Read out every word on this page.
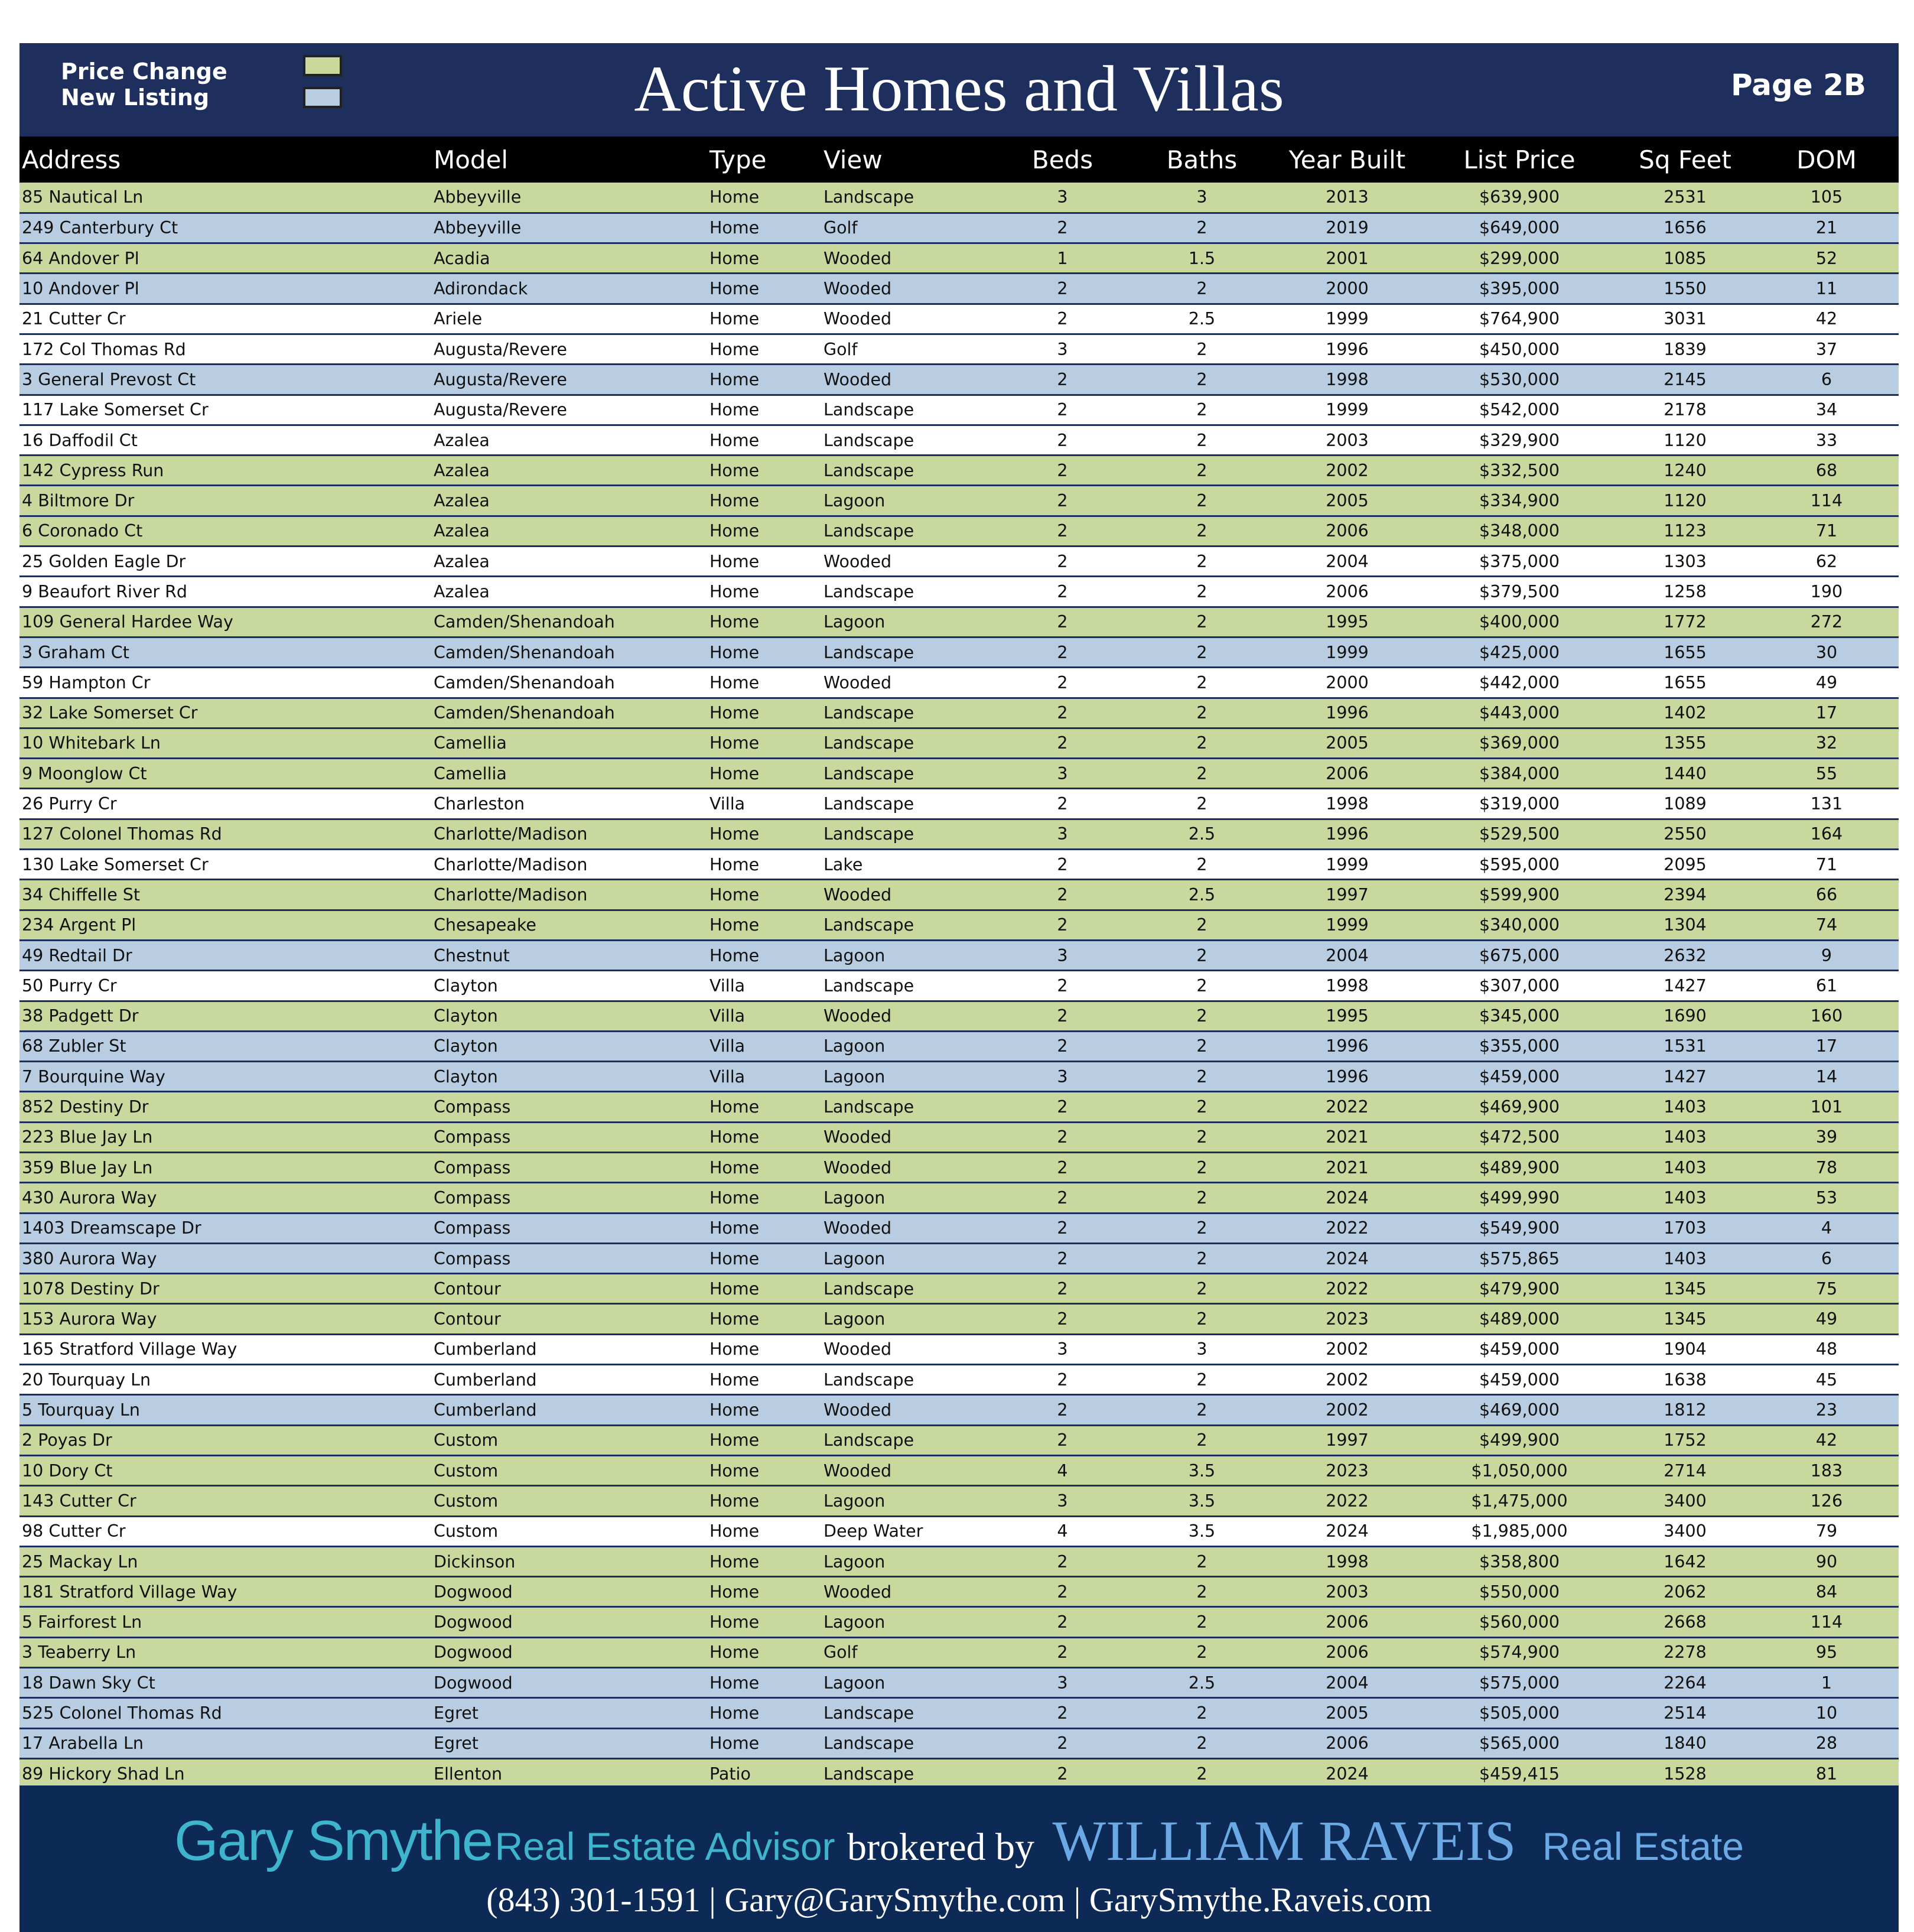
Price Change
New Listing	Active Homes and Villas	Page 2B
Address	Model	Type	View	Beds	Baths	Year Built	List Price	Sq Feet	DOM
85 Nautical Ln	Abbeyville	Home	Landscape	3	3	2013	$639,900	2531	105
249 Canterbury Ct	Abbeyville	Home	Golf	2	2	2019	$649,000	1656	21
64 Andover Pl	Acadia	Home	Wooded	1	1.5	2001	$299,000	1085	52
10 Andover Pl	Adirondack	Home	Wooded	2	2	2000	$395,000	1550	11
21 Cutter Cr	Ariele	Home	Wooded	2	2.5	1999	$764,900	3031	42
172 Col Thomas Rd	Augusta/Revere	Home	Golf	3	2	1996	$450,000	1839	37
3 General Prevost Ct	Augusta/Revere	Home	Wooded	2	2	1998	$530,000	2145	6
117 Lake Somerset Cr	Augusta/Revere	Home	Landscape	2	2	1999	$542,000	2178	34
16 Daffodil Ct	Azalea	Home	Landscape	2	2	2003	$329,900	1120	33
142 Cypress Run	Azalea	Home	Landscape	2	2	2002	$332,500	1240	68
4 Biltmore Dr	Azalea	Home	Lagoon	2	2	2005	$334,900	1120	114
6 Coronado Ct	Azalea	Home	Landscape	2	2	2006	$348,000	1123	71
25 Golden Eagle Dr	Azalea	Home	Wooded	2	2	2004	$375,000	1303	62
9 Beaufort River Rd	Azalea	Home	Landscape	2	2	2006	$379,500	1258	190
109 General Hardee Way	Camden/Shenandoah	Home	Lagoon	2	2	1995	$400,000	1772	272
3 Graham Ct	Camden/Shenandoah	Home	Landscape	2	2	1999	$425,000	1655	30
59 Hampton Cr	Camden/Shenandoah	Home	Wooded	2	2	2000	$442,000	1655	49
32 Lake Somerset Cr	Camden/Shenandoah	Home	Landscape	2	2	1996	$443,000	1402	17
10 Whitebark Ln	Camellia	Home	Landscape	2	2	2005	$369,000	1355	32
9 Moonglow Ct	Camellia	Home	Landscape	3	2	2006	$384,000	1440	55
26 Purry Cr	Charleston	Villa	Landscape	2	2	1998	$319,000	1089	131
127 Colonel Thomas Rd	Charlotte/Madison	Home	Landscape	3	2.5	1996	$529,500	2550	164
130 Lake Somerset Cr	Charlotte/Madison	Home	Lake	2	2	1999	$595,000	2095	71
34 Chiffelle St	Charlotte/Madison	Home	Wooded	2	2.5	1997	$599,900	2394	66
234 Argent Pl	Chesapeake	Home	Landscape	2	2	1999	$340,000	1304	74
49 Redtail Dr	Chestnut	Home	Lagoon	3	2	2004	$675,000	2632	9
50 Purry Cr	Clayton	Villa	Landscape	2	2	1998	$307,000	1427	61
38 Padgett Dr	Clayton	Villa	Wooded	2	2	1995	$345,000	1690	160
68 Zubler St	Clayton	Villa	Lagoon	2	2	1996	$355,000	1531	17
7 Bourquine Way	Clayton	Villa	Lagoon	3	2	1996	$459,000	1427	14
852 Destiny Dr	Compass	Home	Landscape	2	2	2022	$469,900	1403	101
223 Blue Jay Ln	Compass	Home	Wooded	2	2	2021	$472,500	1403	39
359 Blue Jay Ln	Compass	Home	Wooded	2	2	2021	$489,900	1403	78
430 Aurora Way	Compass	Home	Lagoon	2	2	2024	$499,990	1403	53
1403 Dreamscape Dr	Compass	Home	Wooded	2	2	2022	$549,900	1703	4
380 Aurora Way	Compass	Home	Lagoon	2	2	2024	$575,865	1403	6
1078 Destiny Dr	Contour	Home	Landscape	2	2	2022	$479,900	1345	75
153 Aurora Way	Contour	Home	Lagoon	2	2	2023	$489,000	1345	49
165 Stratford Village Way	Cumberland	Home	Wooded	3	3	2002	$459,000	1904	48
20 Tourquay Ln	Cumberland	Home	Landscape	2	2	2002	$459,000	1638	45
5 Tourquay Ln	Cumberland	Home	Wooded	2	2	2002	$469,000	1812	23
2 Poyas Dr	Custom	Home	Landscape	2	2	1997	$499,900	1752	42
10 Dory Ct	Custom	Home	Wooded	4	3.5	2023	$1,050,000	2714	183
143 Cutter Cr	Custom	Home	Lagoon	3	3.5	2022	$1,475,000	3400	126
98 Cutter Cr	Custom	Home	Deep Water	4	3.5	2024	$1,985,000	3400	79
25 Mackay Ln	Dickinson	Home	Lagoon	2	2	1998	$358,800	1642	90
181 Stratford Village Way	Dogwood	Home	Wooded	2	2	2003	$550,000	2062	84
5 Fairforest Ln	Dogwood	Home	Lagoon	2	2	2006	$560,000	2668	114
3 Teaberry Ln	Dogwood	Home	Golf	2	2	2006	$574,900	2278	95
18 Dawn Sky Ct	Dogwood	Home	Lagoon	3	2.5	2004	$575,000	2264	1
525 Colonel Thomas Rd	Egret	Home	Landscape	2	2	2005	$505,000	2514	10
17 Arabella Ln	Egret	Home	Landscape	2	2	2006	$565,000	1840	28
89 Hickory Shad Ln	Ellenton	Patio	Landscape	2	2	2024	$459,415	1528	81
Gary Smythe Real Estate Advisor brokered by WILLIAM RAVEIS Real Estate
(843) 301-1591 | Gary@GarySmythe.com | GarySmythe.Raveis.com
